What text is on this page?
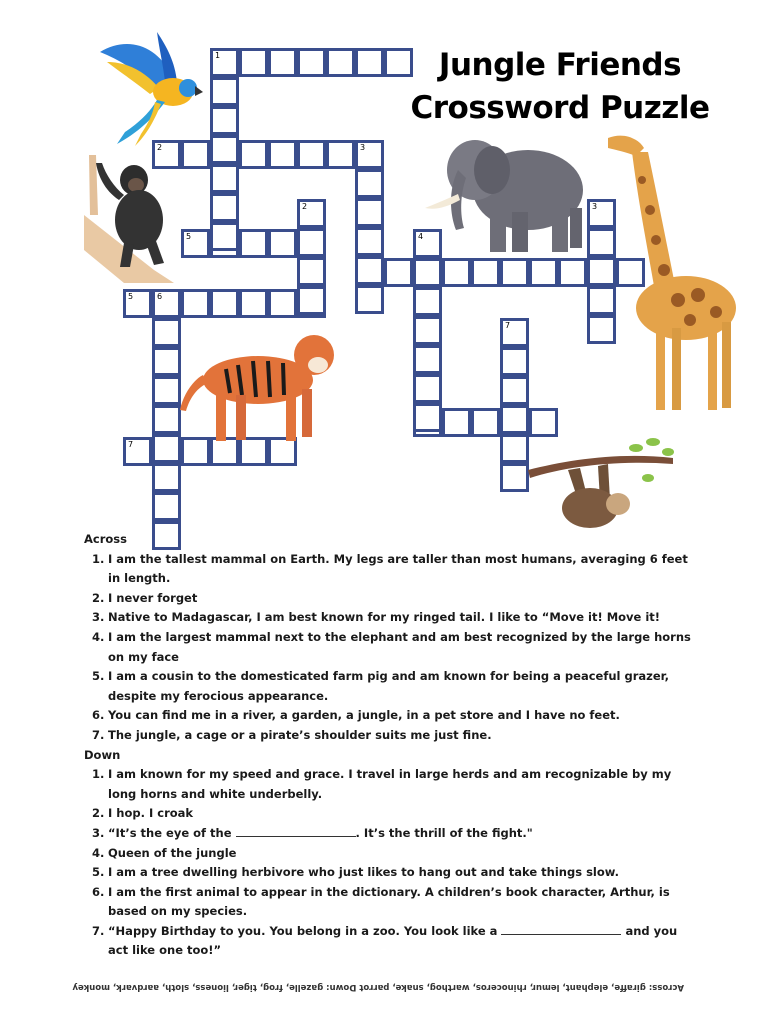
Jungle Friends
Crossword Puzzle
1
2	3
5
5	6
7
2
4
3
7
Across
1. I am the tallest mammal on Earth. My legs are taller than most humans, averaging 6 feet in length.
2. I never forget
3. Native to Madagascar, I am best known for my ringed tail. I like to “Move it! Move it!
4. I am the largest mammal next to the elephant and am best recognized by the large horns on my face
5. I am a cousin to the domesticated farm pig and am known for being a peaceful grazer, despite my ferocious appearance.
6. You can find me in a river, a garden, a jungle, in a pet store and I have no feet.
7. The jungle, a cage or a pirate’s shoulder suits me just fine.
Down
1. I am known for my speed and grace. I travel in large herds and am recognizable by my long horns and white underbelly.
2. I hop. I croak
3. “It’s the eye of the	. It’s the thrill of the fight."
4. Queen of the jungle
5. I am a tree dwelling herbivore who just likes to hang out and take things slow.
6. I am the first animal to appear in the dictionary. A children’s book character, Arthur, is based on my species.
7. “Happy Birthday to you. You belong in a zoo. You look like a	and you act like one too!”
Across: giraffe, elephant, lemur, rhinoceros, warthog, snake, parrot Down: gazelle, frog, tiger, lioness, sloth, aardvark, monkey
